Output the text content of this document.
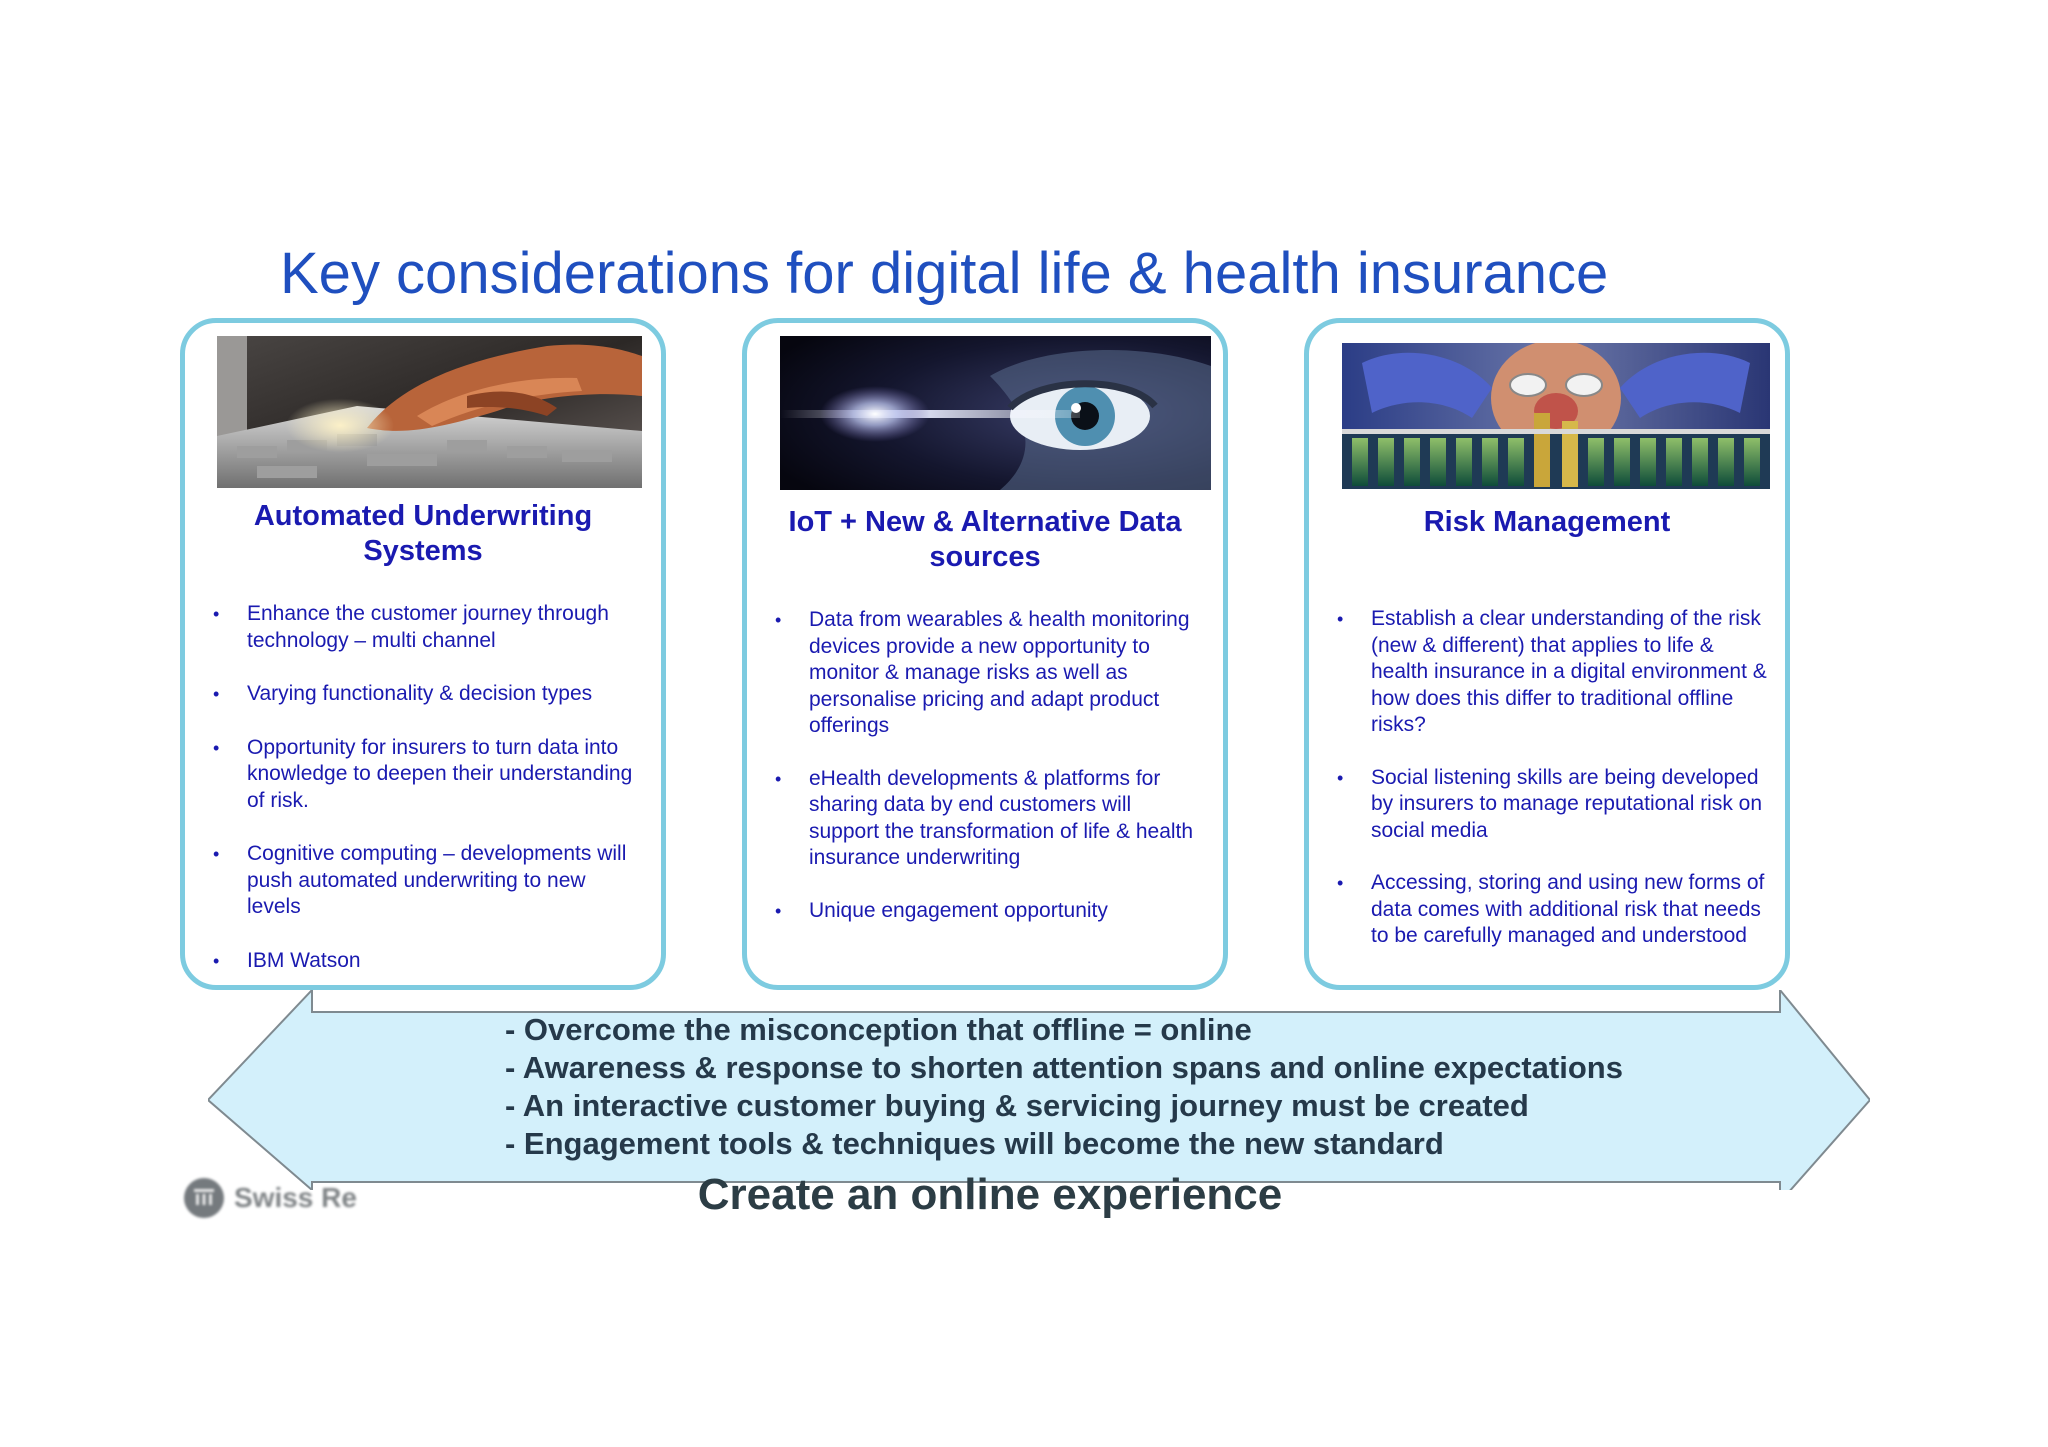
Key considerations for digital life & health insurance
Automated Underwriting
Systems
• Enhance the customer journey through technology – multi channel
• Varying functionality & decision types
• Opportunity for insurers to turn data into knowledge to deepen their understanding of risk.
• Cognitive computing – developments will push automated underwriting to new levels
• IBM Watson
IoT + New & Alternative Data
sources
• Data from wearables & health monitoring devices provide a new opportunity to monitor & manage risks as well as personalise pricing and adapt product offerings
• eHealth developments & platforms for sharing data by end customers will support the transformation of life & health insurance underwriting
• Unique engagement opportunity
Risk Management
• Establish a clear understanding of the risk (new & different) that applies to life & health insurance in a digital environment & how does this differ to traditional offline risks?
• Social listening skills are being developed by insurers to manage reputational risk on social media
• Accessing, storing and using new forms of data comes with additional risk that needs to be carefully managed and understood
- Overcome the misconception that offline = online
- Awareness & response to shorten attention spans and online expectations
- An interactive customer buying & servicing journey must be created
- Engagement tools & techniques will become the new standard
Swiss Re	Create an online experience
